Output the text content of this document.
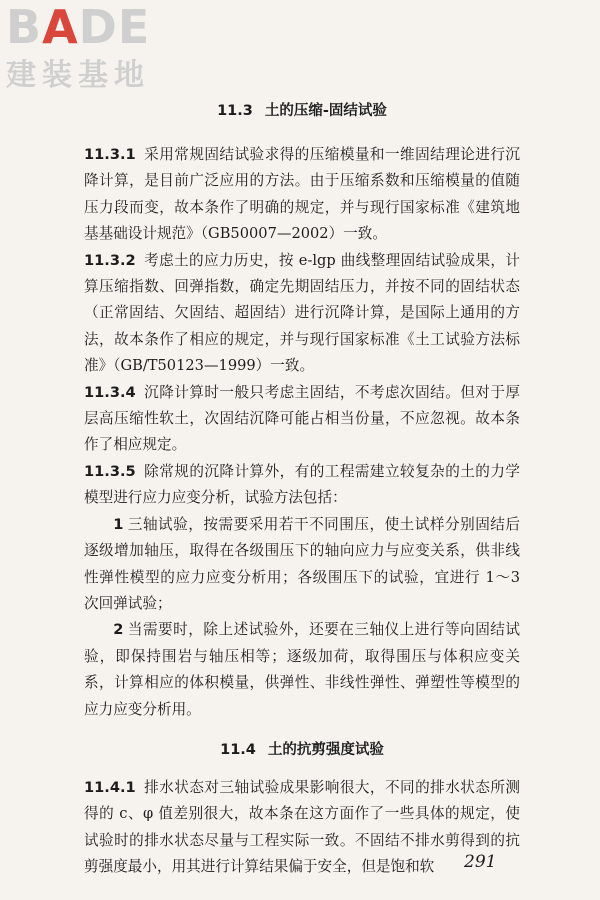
BADE
建装基地
11.3 土的压缩-固结试验

11.3.1 采用常规固结试验求得的压缩模量和一维固结理论进行沉降计算，是目前广泛应用的方法。由于压缩系数和压缩模量的值随压力段而变，故本条作了明确的规定，并与现行国家标准《建筑地基基础设计规范》（GB50007—2002）一致。

11.3.2 考虑土的应力历史，按 e-lgp 曲线整理固结试验成果，计算压缩指数、回弹指数，确定先期固结压力，并按不同的固结状态（正常固结、欠固结、超固结）进行沉降计算，是国际上通用的方法，故本条作了相应的规定，并与现行国家标准《土工试验方法标准》（GB/T50123—1999）一致。

11.3.4 沉降计算时一般只考虑主固结，不考虑次固结。但对于厚层高压缩性软土，次固结沉降可能占相当份量，不应忽视。故本条作了相应规定。

11.3.5 除常规的沉降计算外，有的工程需建立较复杂的土的力学模型进行应力应变分析，试验方法包括：

1 三轴试验，按需要采用若干不同围压，使土试样分别固结后逐级增加轴压，取得在各级围压下的轴向应力与应变关系，供非线性弹性模型的应力应变分析用；各级围压下的试验，宜进行 1～3 次回弹试验；

2 当需要时，除上述试验外，还要在三轴仪上进行等向固结试验，即保持围岩与轴压相等；逐级加荷，取得围压与体积应变关系，计算相应的体积模量，供弹性、非线性弹性、弹塑性等模型的应力应变分析用。

11.4 土的抗剪强度试验

11.4.1 排水状态对三轴试验成果影响很大，不同的排水状态所测得的 c、φ 值差别很大，故本条在这方面作了一些具体的规定，使试验时的排水状态尽量与工程实际一致。不固结不排水剪得到的抗剪强度最小，用其进行计算结果偏于安全，但是饱和软	291
